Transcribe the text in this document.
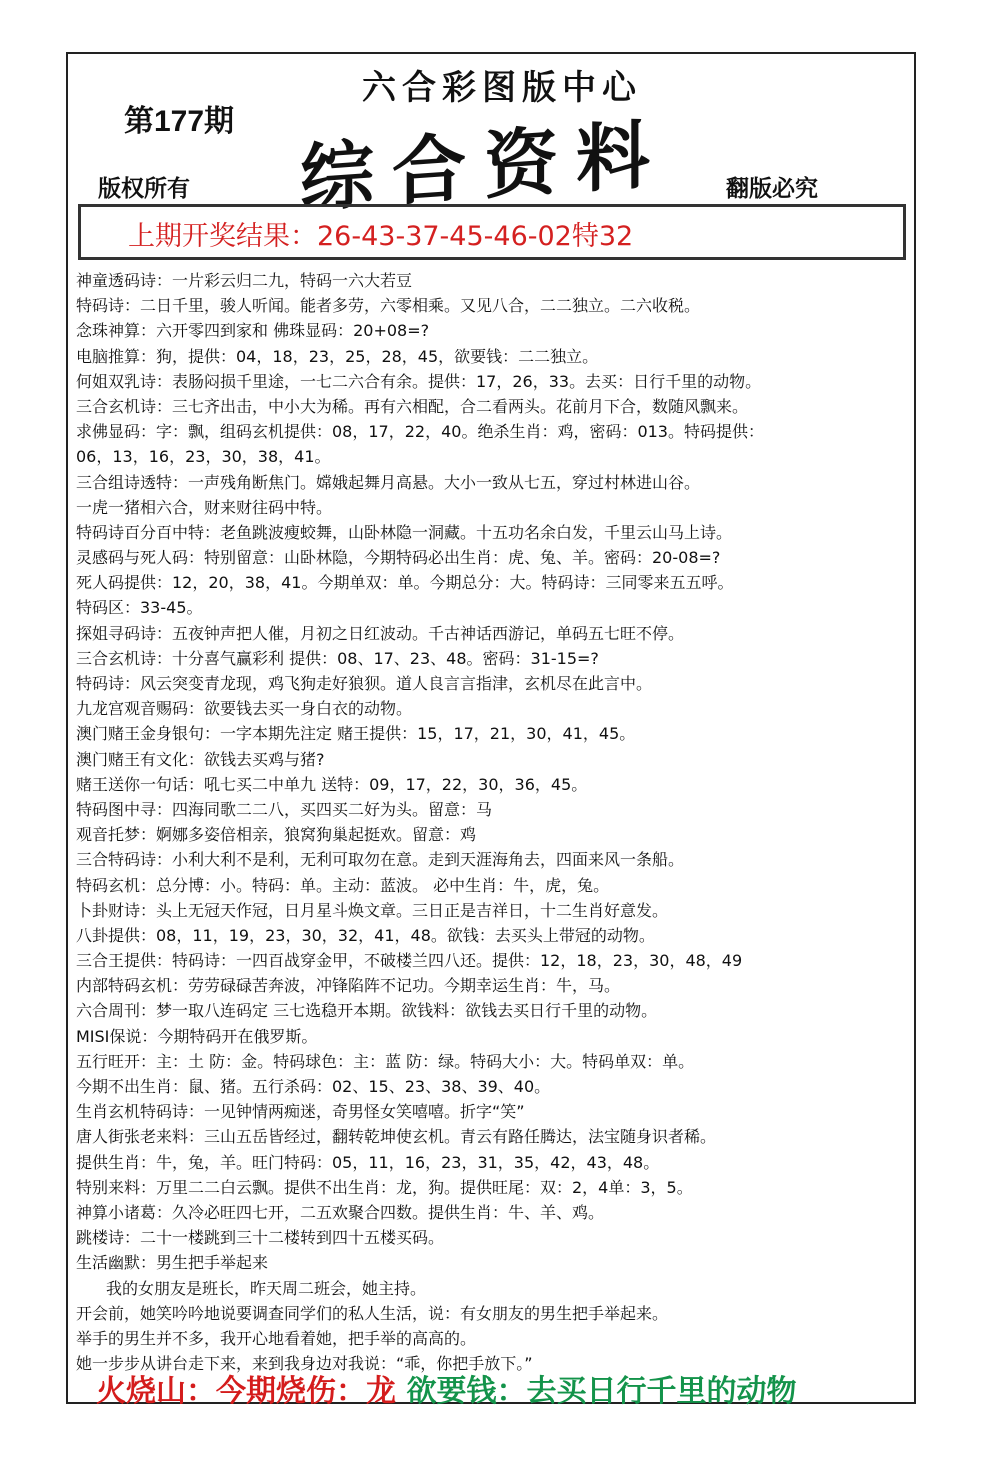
六合彩图版中心
第177期 综合资料
版权所有	翻版必究
上期开奖结果：26-43-37-45-46-02特32
神童透码诗：一片彩云归二九，特码一六大若豆
特码诗：二日千里，骏人听闻。能者多劳，六零相乘。又见八合，二二独立。二六收税。
念珠神算：六开零四到家和 佛珠显码：20+08=?
电脑推算：狗，提供：04，18，23，25，28，45，欲要钱：二二独立。
何姐双乳诗：表肠闷损千里途，一七二六合有余。提供：17，26，33。去买：日行千里的动物。
三合玄机诗：三七齐出击，中小大为稀。再有六相配，合二看两头。花前月下合，数随风飘来。
求佛显码：字：飘，组码玄机提供：08，17，22，40。绝杀生肖：鸡，密码：013。特码提供：
06，13，16，23，30，38，41。
三合组诗透特：一声残角断焦门。嫦娥起舞月高悬。大小一致从七五，穿过村林进山谷。
一虎一猪相六合，财来财往码中特。
特码诗百分百中特：老鱼跳波瘦蛟舞，山卧林隐一洞藏。十五功名余白发，千里云山马上诗。
灵感码与死人码：特别留意：山卧林隐，今期特码必出生肖：虎、兔、羊。密码：20-08=?
死人码提供：12，20，38，41。今期单双：单。今期总分：大。特码诗：三同零来五五呼。
特码区：33-45。
探姐寻码诗：五夜钟声把人催，月初之日红波动。千古神话西游记，单码五七旺不停。
三合玄机诗：十分喜气赢彩利 提供：08、17、23、48。密码：31-15=?
特码诗：风云突变青龙现，鸡飞狗走好狼狈。道人良言言指津，玄机尽在此言中。
九龙宫观音赐码：欲要钱去买一身白衣的动物。
澳门赌王金身银句：一字本期先注定 赌王提供：15，17，21，30，41，45。
澳门赌王有文化：欲钱去买鸡与猪?
赌王送你一句话：吼七买二中单九 送特：09，17，22，30，36，45。
特码图中寻：四海同歌二二八，买四买二好为头。留意：马
观音托梦：婀娜多姿倍相亲，狼窝狗巢起挺欢。留意：鸡
三合特码诗：小利大利不是利，无利可取勿在意。走到天涯海角去，四面来风一条船。
特码玄机：总分博：小。特码：单。主动：蓝波。 必中生肖：牛，虎，兔。
卜卦财诗：头上无冠天作冠，日月星斗焕文章。三日正是吉祥日，十二生肖好意发。
八卦提供：08，11，19，23，30，32，41，48。欲钱：去买头上带冠的动物。
三合王提供：特码诗：一四百战穿金甲，不破楼兰四八还。提供：12，18，23，30，48，49
内部特码玄机：劳劳碌碌苦奔波，冲锋陷阵不记功。今期幸运生肖：牛，马。
六合周刊：梦一取八连码定 三七选稳开本期。欲钱料：欲钱去买日行千里的动物。
MISI保说：今期特码开在俄罗斯。
五行旺开：主：土 防：金。特码球色：主：蓝 防：绿。特码大小：大。特码单双：单。
今期不出生肖：鼠、猪。五行杀码：02、15、23、38、39、40。
生肖玄机特码诗：一见钟情两痴迷，奇男怪女笑嘻嘻。折字“笑”
唐人街张老来料：三山五岳皆经过，翻转乾坤使玄机。青云有路任腾达，法宝随身识者稀。
提供生肖：牛，兔，羊。旺门特码：05，11，16，23，31，35，42，43，48。
特别来料：万里二二白云飘。提供不出生肖：龙，狗。提供旺尾：双：2，4单：3，5。
神算小诸葛：久冷必旺四七开，二五欢聚合四数。提供生肖：牛、羊、鸡。
跳楼诗：二十一楼跳到三十二楼转到四十五楼买码。
生活幽默：男生把手举起来
我的女朋友是班长，昨天周二班会，她主持。
开会前，她笑吟吟地说要调查同学们的私人生活，说：有女朋友的男生把手举起来。
举手的男生并不多，我开心地看着她，把手举的高高的。
她一步步从讲台走下来，来到我身边对我说：“乖，你把手放下。”
火烧山：今期烧伤：龙 欲要钱：去买日行千里的动物
